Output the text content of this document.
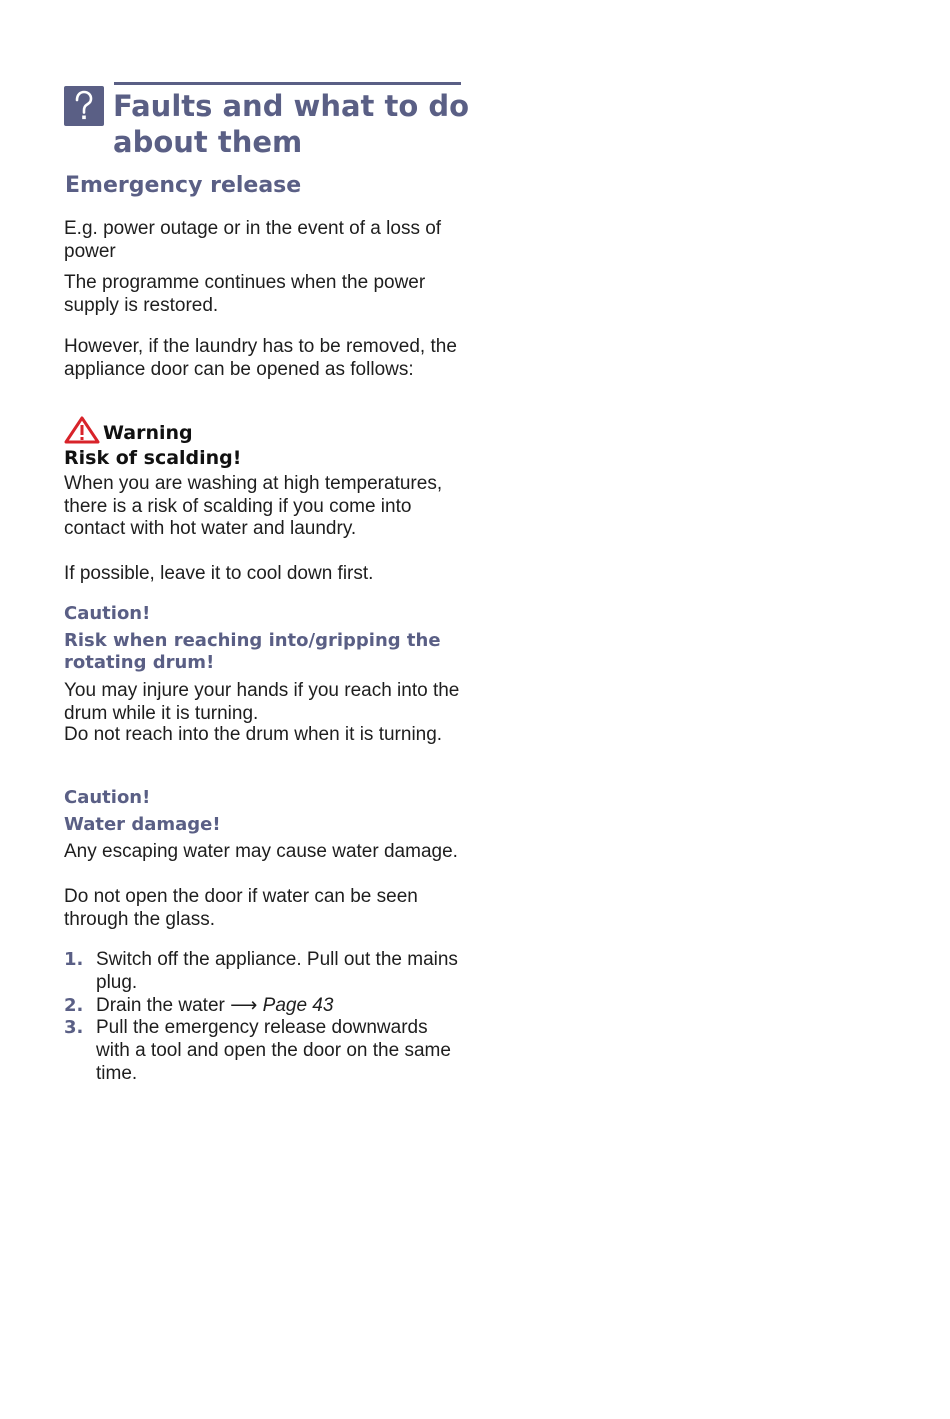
Faults and what to do about them
Emergency release

E.g. power outage or in the event of a loss of power

The programme continues when the power supply is restored.

However, if the laundry has to be removed, the appliance door can be opened as follows:

Warning

Risk of scalding!

When you are washing at high temperatures, there is a risk of scalding if you come into contact with hot water and laundry.

If possible, leave it to cool down first.

Caution!

Risk when reaching into/gripping the rotating drum!

You may injure your hands if you reach into the drum while it is turning.

Do not reach into the drum when it is turning.

Caution!

Water damage!

Any escaping water may cause water damage.

Do not open the door if water can be seen through the glass.

1. Switch off the appliance. Pull out the mains plug.
2. Drain the water ⟶ Page 43
3. Pull the emergency release downwards with a tool and open the door on the same time.
